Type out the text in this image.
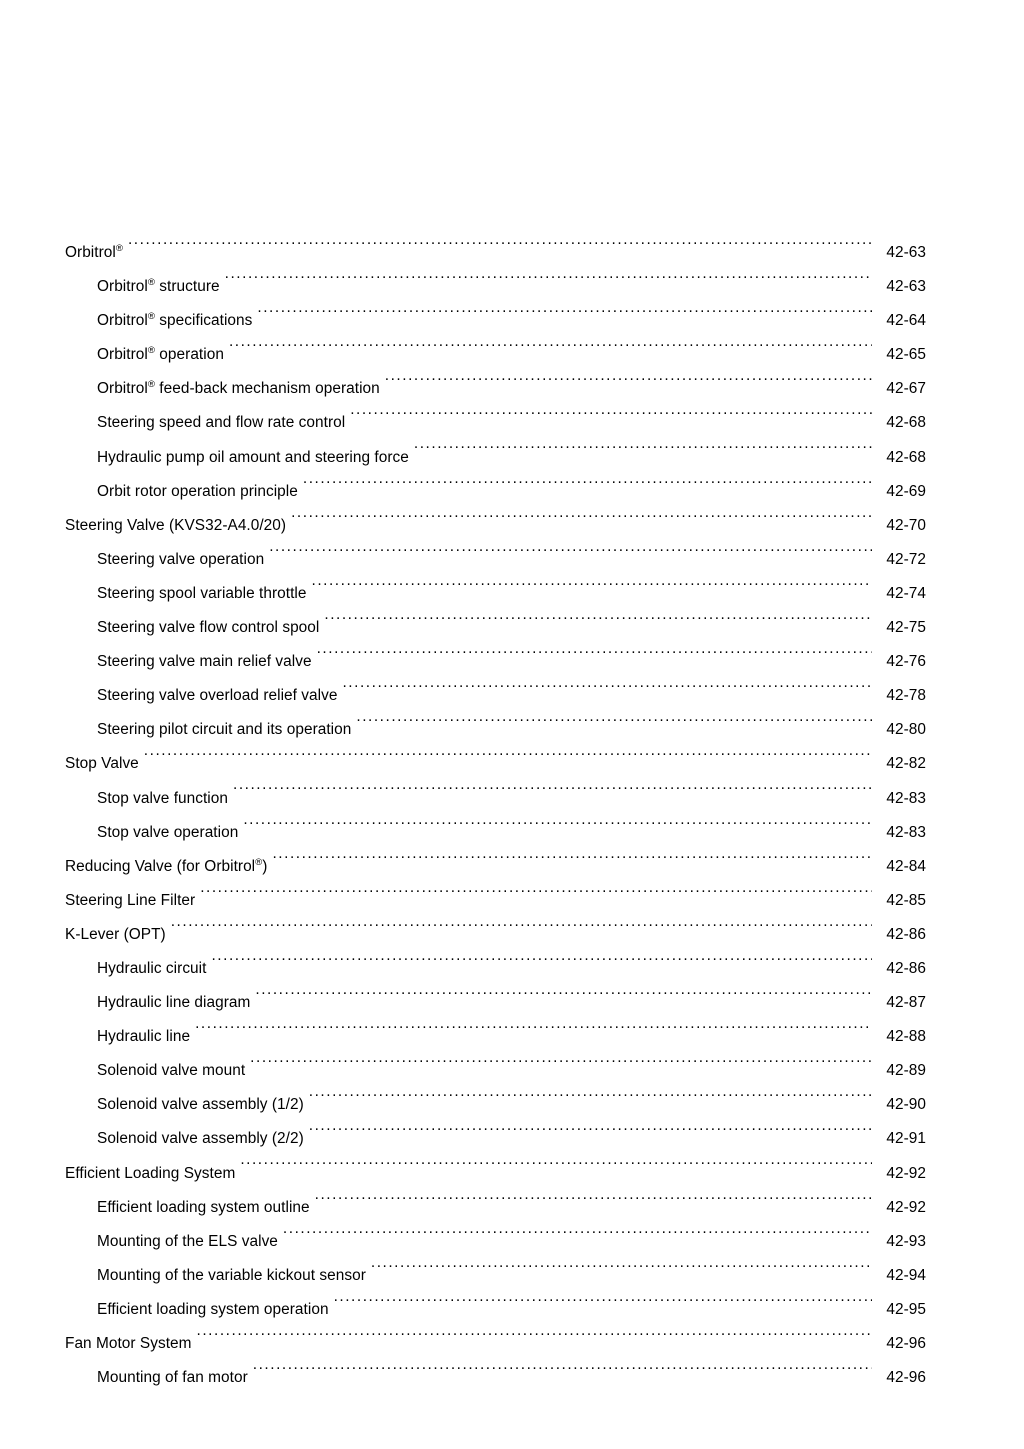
Orbitrol® .....	42-63
Orbitrol® structure .....	42-63
Orbitrol® specifications .....	42-64
Orbitrol® operation .....	42-65
Orbitrol® feed-back mechanism operation .....	42-67
Steering speed and flow rate control .....	42-68
Hydraulic pump oil amount and steering force .....	42-68
Orbit rotor operation principle .....	42-69
Steering Valve (KVS32-A4.0/20) .....	42-70
Steering valve operation .....	42-72
Steering spool variable throttle .....	42-74
Steering valve flow control spool .....	42-75
Steering valve main relief valve .....	42-76
Steering valve overload relief valve .....	42-78
Steering pilot circuit and its operation .....	42-80
Stop Valve .....	42-82
Stop valve function .....	42-83
Stop valve operation .....	42-83
Reducing Valve (for Orbitrol®) .....	42-84
Steering Line Filter .....	42-85
K-Lever (OPT) .....	42-86
Hydraulic circuit .....	42-86
Hydraulic line diagram .....	42-87
Hydraulic line .....	42-88
Solenoid valve mount .....	42-89
Solenoid valve assembly (1/2) .....	42-90
Solenoid valve assembly (2/2) .....	42-91
Efficient Loading System .....	42-92
Efficient loading system outline .....	42-92
Mounting of the ELS valve .....	42-93
Mounting of the variable kickout sensor .....	42-94
Efficient loading system operation .....	42-95
Fan Motor System .....	42-96
Mounting of fan motor .....	42-96
